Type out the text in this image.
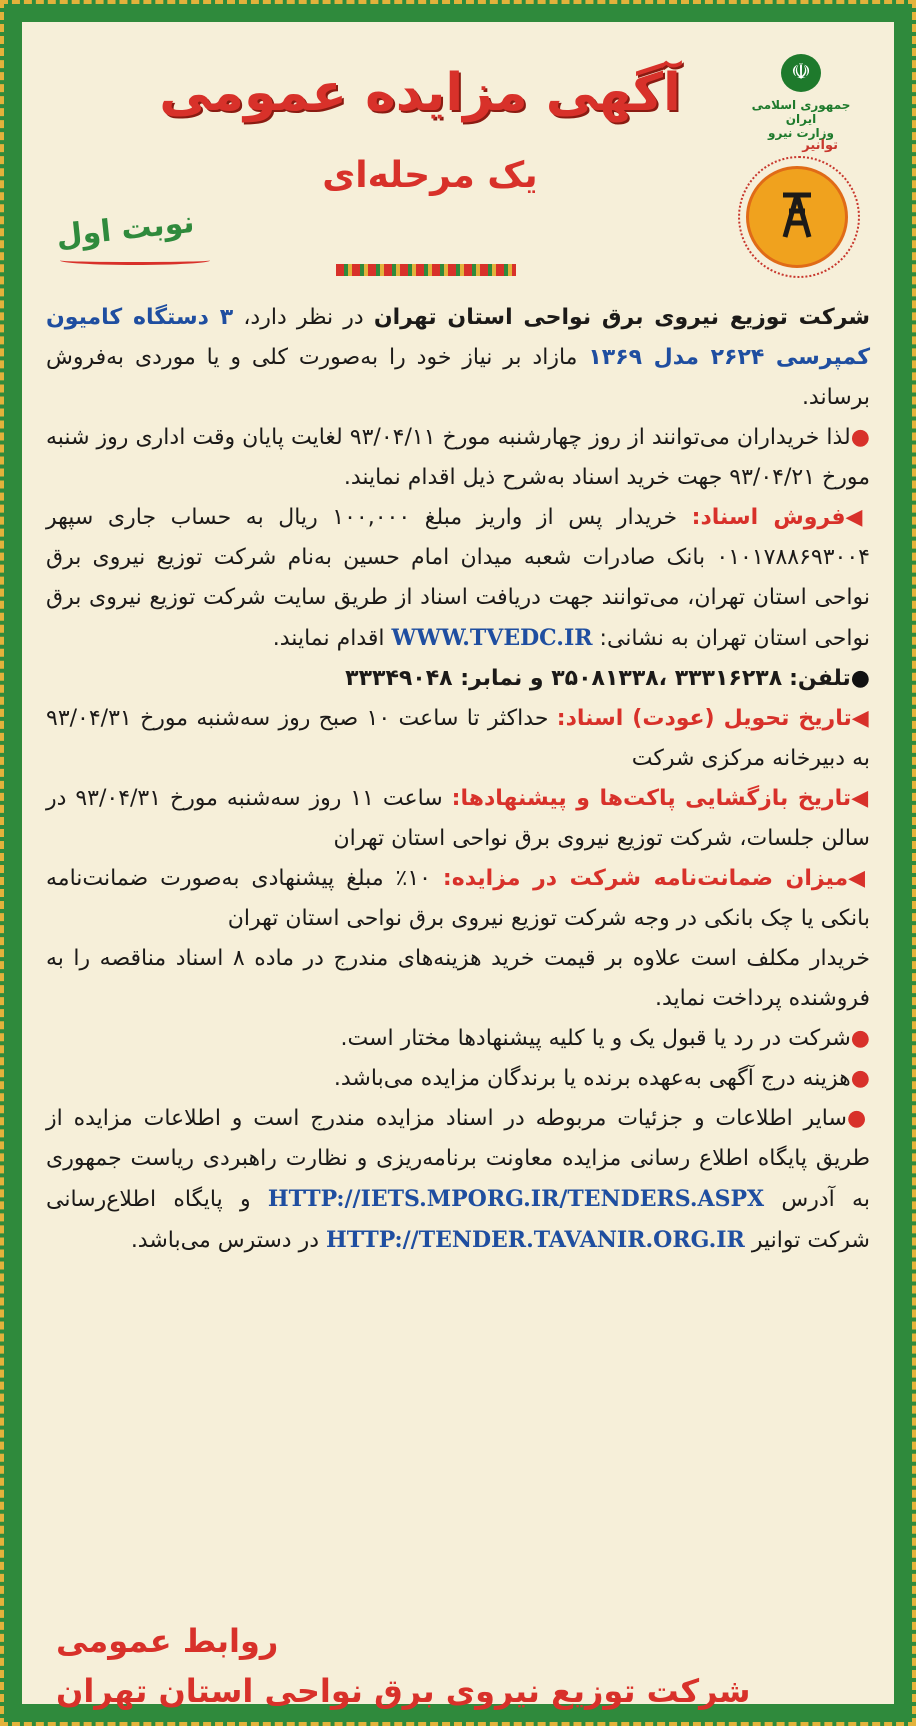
☫
جمهوری اسلامی ایران
وزارت نیرو
توانیر
آگهی مزایده عمومی
یک مرحله‌ای
نوبت اول

شرکت توزیع نیروی برق نواحی استان تهران در نظر دارد، ۳ دستگاه کامیون کمپرسی ۲۶۲۴ مدل ۱۳۶۹ مازاد بر نیاز خود را به‌صورت کلی و یا موردی به‌فروش برساند.

●لذا خریداران می‌توانند از روز چهارشنبه مورخ ۹۳/۰۴/۱۱ لغایت پایان وقت اداری روز شنبه مورخ ۹۳/۰۴/۲۱ جهت خرید اسناد به‌شرح ذیل اقدام نمایند.

◀فروش اسناد: خریدار پس از واریز مبلغ ۱۰۰,۰۰۰ ریال به حساب جاری سپهر ۰۱۰۱۷۸۸۶۹۳۰۰۴ بانک صادرات شعبه میدان امام حسین به‌نام شرکت توزیع نیروی برق نواحی استان تهران، می‌توانند جهت دریافت اسناد از طریق سایت شرکت توزیع نیروی برق نواحی استان تهران به نشانی: WWW.TVEDC.IR اقدام نمایند.

●تلفن: ۳۳۳۱۶۲۳۸ ،۳۵۰۸۱۳۳۸ و نمابر: ۳۳۳۴۹۰۴۸

◀تاریخ تحویل (عودت) اسناد: حداکثر تا ساعت ۱۰ صبح روز سه‌شنبه مورخ ۹۳/۰۴/۳۱ به دبیرخانه مرکزی شرکت

◀تاریخ بازگشایی پاکت‌ها و پیشنهادها: ساعت ۱۱ روز سه‌شنبه مورخ ۹۳/۰۴/۳۱ در سالن جلسات، شرکت توزیع نیروی برق نواحی استان تهران

◀میزان ضمانت‌نامه شرکت در مزایده: ۱۰٪ مبلغ پیشنهادی به‌صورت ضمانت‌نامه بانکی یا چک بانکی در وجه شرکت توزیع نیروی برق نواحی استان تهران

خریدار مکلف است علاوه بر قیمت خرید هزینه‌های مندرج در ماده ۸ اسناد مناقصه را به فروشنده پرداخت نماید.

●شرکت در رد یا قبول یک و یا کلیه پیشنهادها مختار است.

●هزینه درج آگهی به‌عهده برنده یا برندگان مزایده می‌باشد.

●سایر اطلاعات و جزئیات مربوطه در اسناد مزایده مندرج است و اطلاعات مزایده از طریق پایگاه اطلاع رسانی مزایده معاونت برنامه‌ریزی و نظارت راهبردی ریاست جمهوری به آدرس HTTP://IETS.MPORG.IR/TENDERS.ASPX و پایگاه اطلاع‌رسانی شرکت توانیر HTTP://TENDER.TAVANIR.ORG.IR در دسترس می‌باشد.

روابط عمومی
شرکت توزیع نیروی برق نواحی استان تهران
